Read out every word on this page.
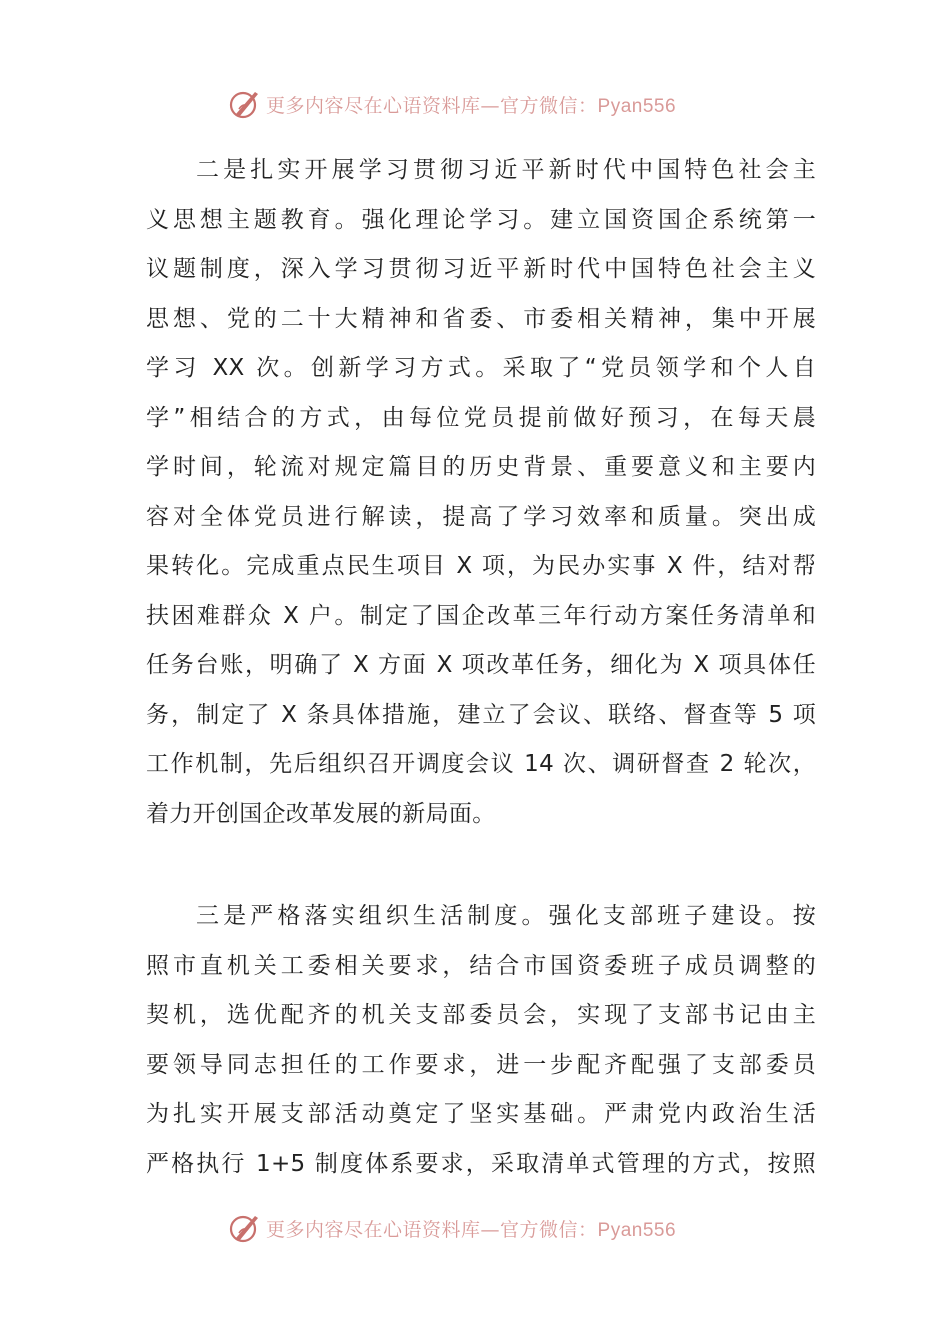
更多内容尽在心语资料库—官方微信：Pyan556
二是扎实开展学习贯彻习近平新时代中国特色社会主
义思想主题教育。强化理论学习。建立国资国企系统第一
议题制度，深入学习贯彻习近平新时代中国特色社会主义
思想、党的二十大精神和省委、市委相关精神，集中开展
学习 XX 次。创新学习方式。采取了“党员领学和个人自
学”相结合的方式，由每位党员提前做好预习，在每天晨
学时间，轮流对规定篇目的历史背景、重要意义和主要内
容对全体党员进行解读，提高了学习效率和质量。突出成
果转化。完成重点民生项目 X 项，为民办实事 X 件，结对帮
扶困难群众 X 户。制定了国企改革三年行动方案任务清单和
任务台账，明确了 X 方面 X 项改革任务，细化为 X 项具体任
务，制定了 X 条具体措施，建立了会议、联络、督查等 5 项
工作机制，先后组织召开调度会议 14 次、调研督查 2 轮次，
着力开创国企改革发展的新局面。
三是严格落实组织生活制度。强化支部班子建设。按
照市直机关工委相关要求，结合市国资委班子成员调整的
契机，选优配齐的机关支部委员会，实现了支部书记由主
要领导同志担任的工作要求，进一步配齐配强了支部委员
为扎实开展支部活动奠定了坚实基础。严肃党内政治生活
严格执行 1+5 制度体系要求，采取清单式管理的方式，按照
更多内容尽在心语资料库—官方微信：Pyan556
